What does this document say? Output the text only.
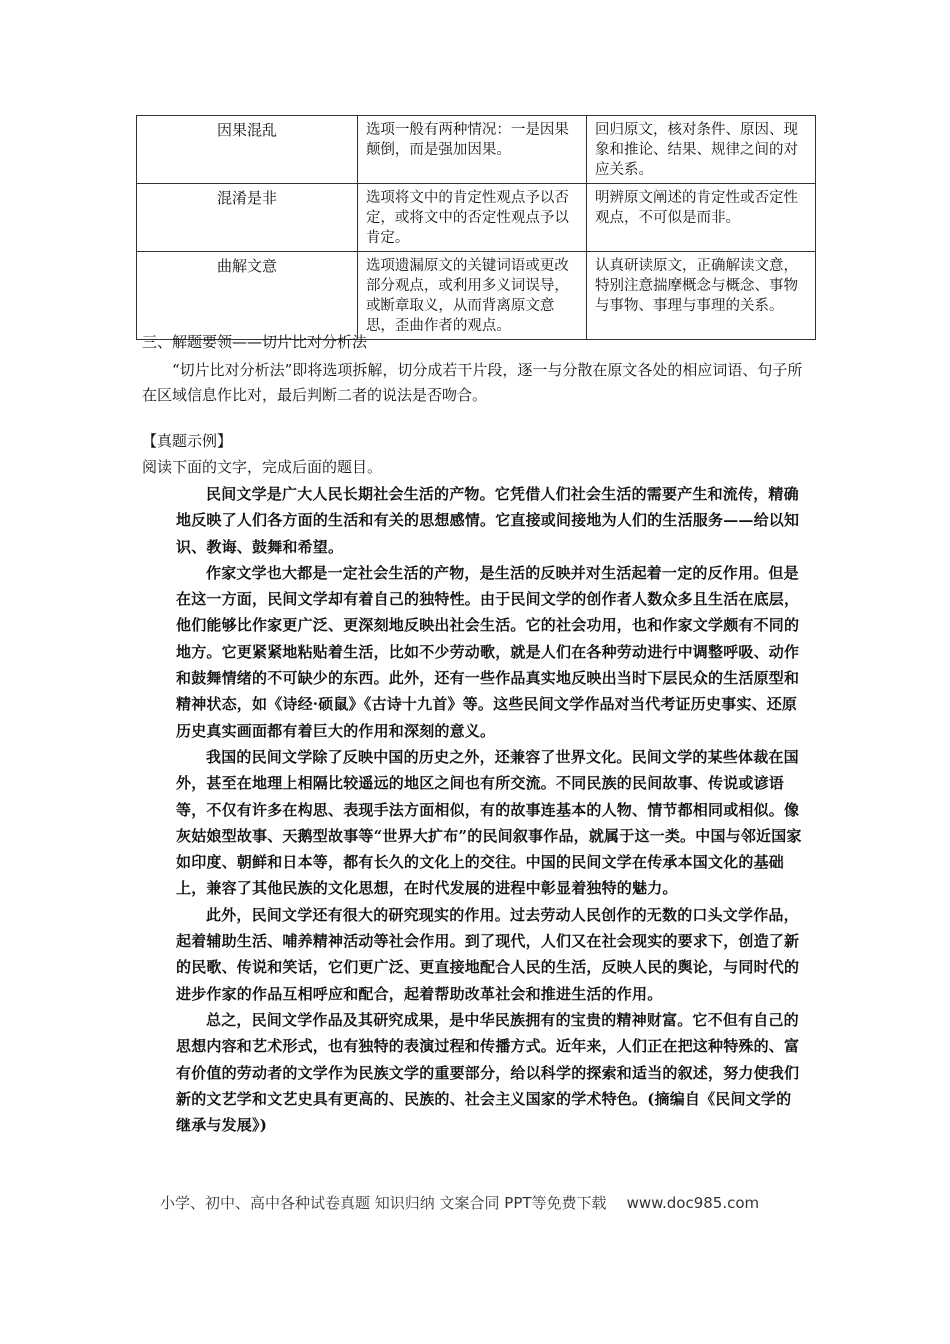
因果混乱	选项一般有两种情况：一是因果颠倒，而是强加因果。	回归原文，核对条件、原因、现象和推论、结果、规律之间的对应关系。
混淆是非	选项将文中的肯定性观点予以否定，或将文中的否定性观点予以肯定。	明辨原文阐述的肯定性或否定性观点，不可似是而非。
曲解文意	选项遗漏原文的关键词语或更改部分观点，或利用多义词误导，或断章取义，从而背离原文意思，歪曲作者的观点。	认真研读原文，正确解读文意，特别注意揣摩概念与概念、事物与事物、事理与事理的关系。
三、解题要领——切片比对分析法
“切片比对分析法”即将选项拆解，切分成若干片段，逐一与分散在原文各处的相应词语、句子所在区域信息作比对，最后判断二者的说法是否吻合。
【真题示例】
阅读下面的文字，完成后面的题目。

民间文学是广大人民长期社会生活的产物。它凭借人们社会生活的需要产生和流传，精确地反映了人们各方面的生活和有关的思想感情。它直接或间接地为人们的生活服务——给以知识、教诲、鼓舞和希望。

作家文学也大都是一定社会生活的产物，是生活的反映并对生活起着一定的反作用。但是在这一方面，民间文学却有着自己的独特性。由于民间文学的创作者人数众多且生活在底层，他们能够比作家更广泛、更深刻地反映出社会生活。它的社会功用，也和作家文学颇有不同的地方。它更紧紧地粘贴着生活，比如不少劳动歌，就是人们在各种劳动进行中调整呼吸、动作和鼓舞情绪的不可缺少的东西。此外，还有一些作品真实地反映出当时下层民众的生活原型和精神状态，如《诗经·硕鼠》《古诗十九首》等。这些民间文学作品对当代考证历史事实、还原历史真实画面都有着巨大的作用和深刻的意义。

我国的民间文学除了反映中国的历史之外，还兼容了世界文化。民间文学的某些体裁在国外，甚至在地理上相隔比较遥远的地区之间也有所交流。不同民族的民间故事、传说或谚语等，不仅有许多在构思、表现手法方面相似，有的故事连基本的人物、情节都相同或相似。像灰姑娘型故事、天鹅型故事等“世界大扩布”的民间叙事作品，就属于这一类。中国与邻近国家如印度、朝鲜和日本等，都有长久的文化上的交往。中国的民间文学在传承本国文化的基础上，兼容了其他民族的文化思想，在时代发展的进程中彰显着独特的魅力。

此外，民间文学还有很大的研究现实的作用。过去劳动人民创作的无数的口头文学作品，起着辅助生活、哺养精神活动等社会作用。到了现代，人们又在社会现实的要求下，创造了新的民歌、传说和笑话，它们更广泛、更直接地配合人民的生活，反映人民的舆论，与同时代的进步作家的作品互相呼应和配合，起着帮助改革社会和推进生活的作用。

总之，民间文学作品及其研究成果，是中华民族拥有的宝贵的精神财富。它不但有自己的思想内容和艺术形式，也有独特的表演过程和传播方式。近年来，人们正在把这种特殊的、富有价值的劳动者的文学作为民族文学的重要部分，给以科学的探索和适当的叙述，努力使我们新的文艺学和文艺史具有更高的、民族的、社会主义国家的学术特色。(摘编自《民间文学的继承与发展》)

小学、初中、高中各种试卷真题 知识归纳 文案合同 PPT等免费下载 www.doc985.com
